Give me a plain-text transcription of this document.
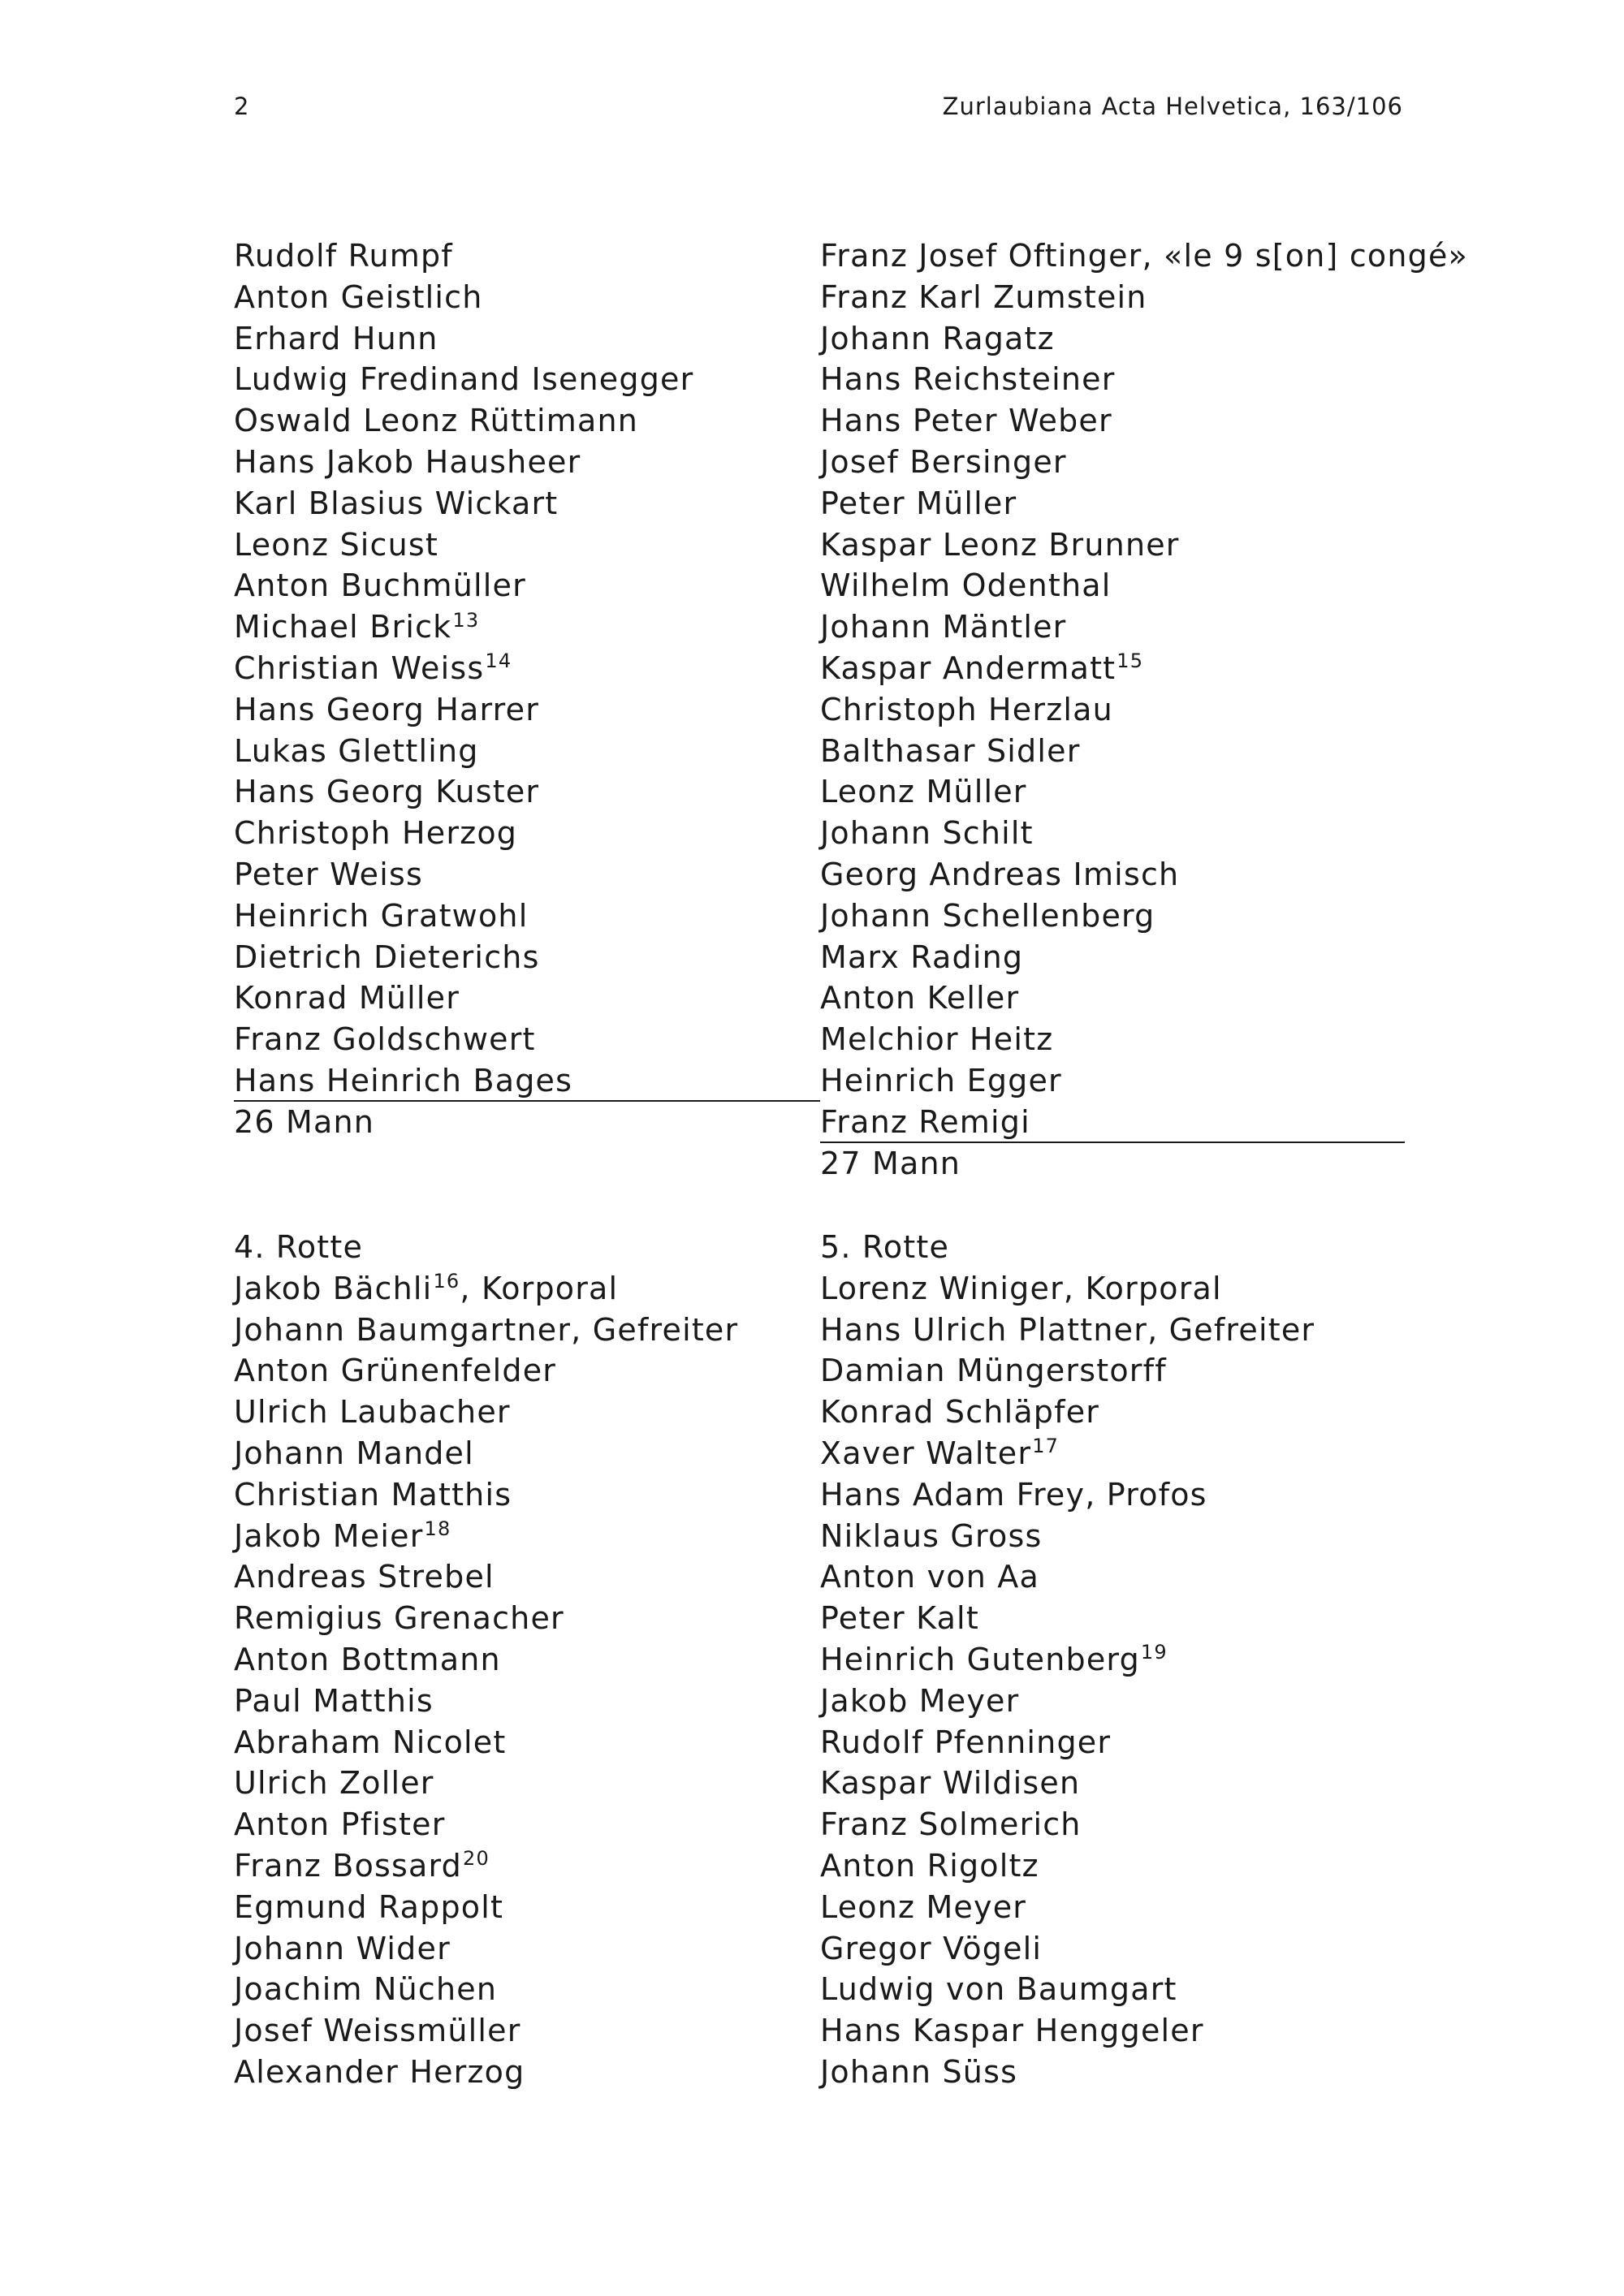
2	Zurlaubiana Acta Helvetica, 163/106
Rudolf Rumpf
Anton Geistlich
Erhard Hunn
Ludwig Fredinand Isenegger
Oswald Leonz Rüttimann
Hans Jakob Hausheer
Karl Blasius Wickart
Leonz Sicust
Anton Buchmüller
Michael Brick$^{13}$
Christian Weiss$^{14}$
Hans Georg Harrer
Lukas Glettling
Hans Georg Kuster
Christoph Herzog
Peter Weiss
Heinrich Gratwohl
Dietrich Dieterichs
Konrad Müller
Franz Goldschwert
Hans Heinrich Bages
26 Mann
Franz Josef Oftinger, «le 9 s[on] congé»
Franz Karl Zumstein
Johann Ragatz
Hans Reichsteiner
Hans Peter Weber
Josef Bersinger
Peter Müller
Kaspar Leonz Brunner
Wilhelm Odenthal
Johann Mäntler
Kaspar Andermatt$^{15}$
Christoph Herzlau
Balthasar Sidler
Leonz Müller
Johann Schilt
Georg Andreas Imisch
Johann Schellenberg
Marx Rading
Anton Keller
Melchior Heitz
Heinrich Egger
Franz Remigi
27 Mann
4. Rotte
Jakob Bächli$^{16}$, Korporal
Johann Baumgartner, Gefreiter
Anton Grünenfelder
Ulrich Laubacher
Johann Mandel
Christian Matthis
Jakob Meier$^{18}$
Andreas Strebel
Remigius Grenacher
Anton Bottmann
Paul Matthis
Abraham Nicolet
Ulrich Zoller
Anton Pfister
Franz Bossard$^{20}$
Egmund Rappolt
Johann Wider
Joachim Nüchen
Josef Weissmüller
Alexander Herzog
5. Rotte
Lorenz Winiger, Korporal
Hans Ulrich Plattner, Gefreiter
Damian Müngerstorff
Konrad Schläpfer
Xaver Walter$^{17}$
Hans Adam Frey, Profos
Niklaus Gross
Anton von Aa
Peter Kalt
Heinrich Gutenberg$^{19}$
Jakob Meyer
Rudolf Pfenninger
Kaspar Wildisen
Franz Solmerich
Anton Rigoltz
Leonz Meyer
Gregor Vögeli
Ludwig von Baumgart
Hans Kaspar Henggeler
Johann Süss
